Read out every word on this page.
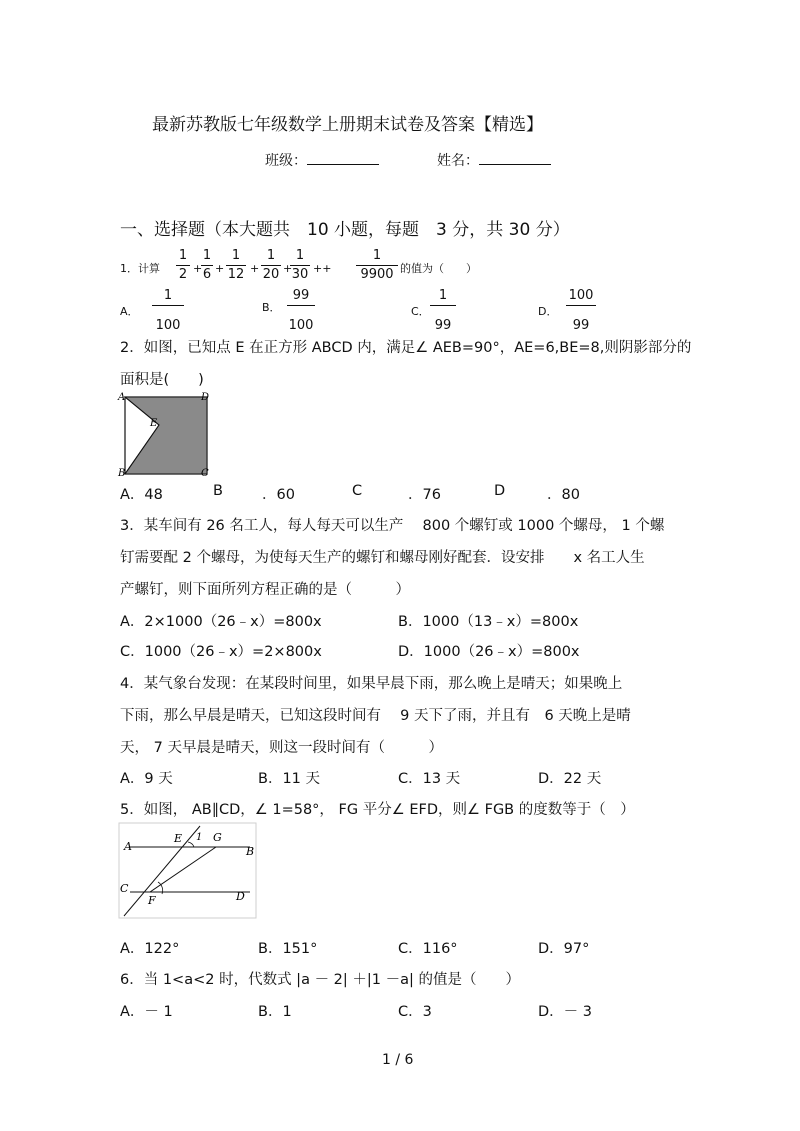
最新苏教版七年级数学上册期末试卷及答案【精选】
班级：	姓名：
一、选择题（本大题共　10 小题，每题　3 分，共 30 分）
1．计算
1
2 +
1
6 +
1
12 +
1
20 +
1
30 ++
1
9900 的值为（　　）
A．
1
100
B．
99
100
C．
1
99
D．
100
99
2．如图，已知点 E 在正方形 ABCD 内，满足∠ AEB=90°，AE=6,BE=8,则阴影部分的
面积是(　　)
A	D
B	C
E
A．48	B	．60	C	．76	D	．80
3．某车间有 26 名工人，每人每天可以生产　 800 个螺钉或 1000 个螺母， 1 个螺
钉需要配 2 个螺母，为使每天生产的螺钉和螺母刚好配套．设安排　　x 名工人生
产螺钉，则下面所列方程正确的是（　　　）
A．2×1000（26﹣x）=800x	B．1000（13﹣x）=800x
C．1000（26﹣x）=2×800x	D．1000（26﹣x）=800x
4．某气象台发现：在某段时间里，如果早晨下雨，那么晚上是晴天；如果晚上
下雨，那么早晨是晴天，已知这段时间有　 9 天下了雨，并且有　6 天晚上是晴
天， 7 天早晨是晴天，则这一段时间有（　　　）
A．9 天	B．11 天	C．13 天	D．22 天
5．如图， AB∥CD，∠ 1=58°， FG 平分∠ EFD，则∠ FGB 的度数等于（　）
A	B
C
D
E
F
G
1
A．122°	B．151°	C．116°	D．97°
6．当 1<a<2 时，代数式 |a － 2| ＋|1 －a| 的值是（　　）
A．－ 1	B．1	C．3	D．－ 3
1 / 6
